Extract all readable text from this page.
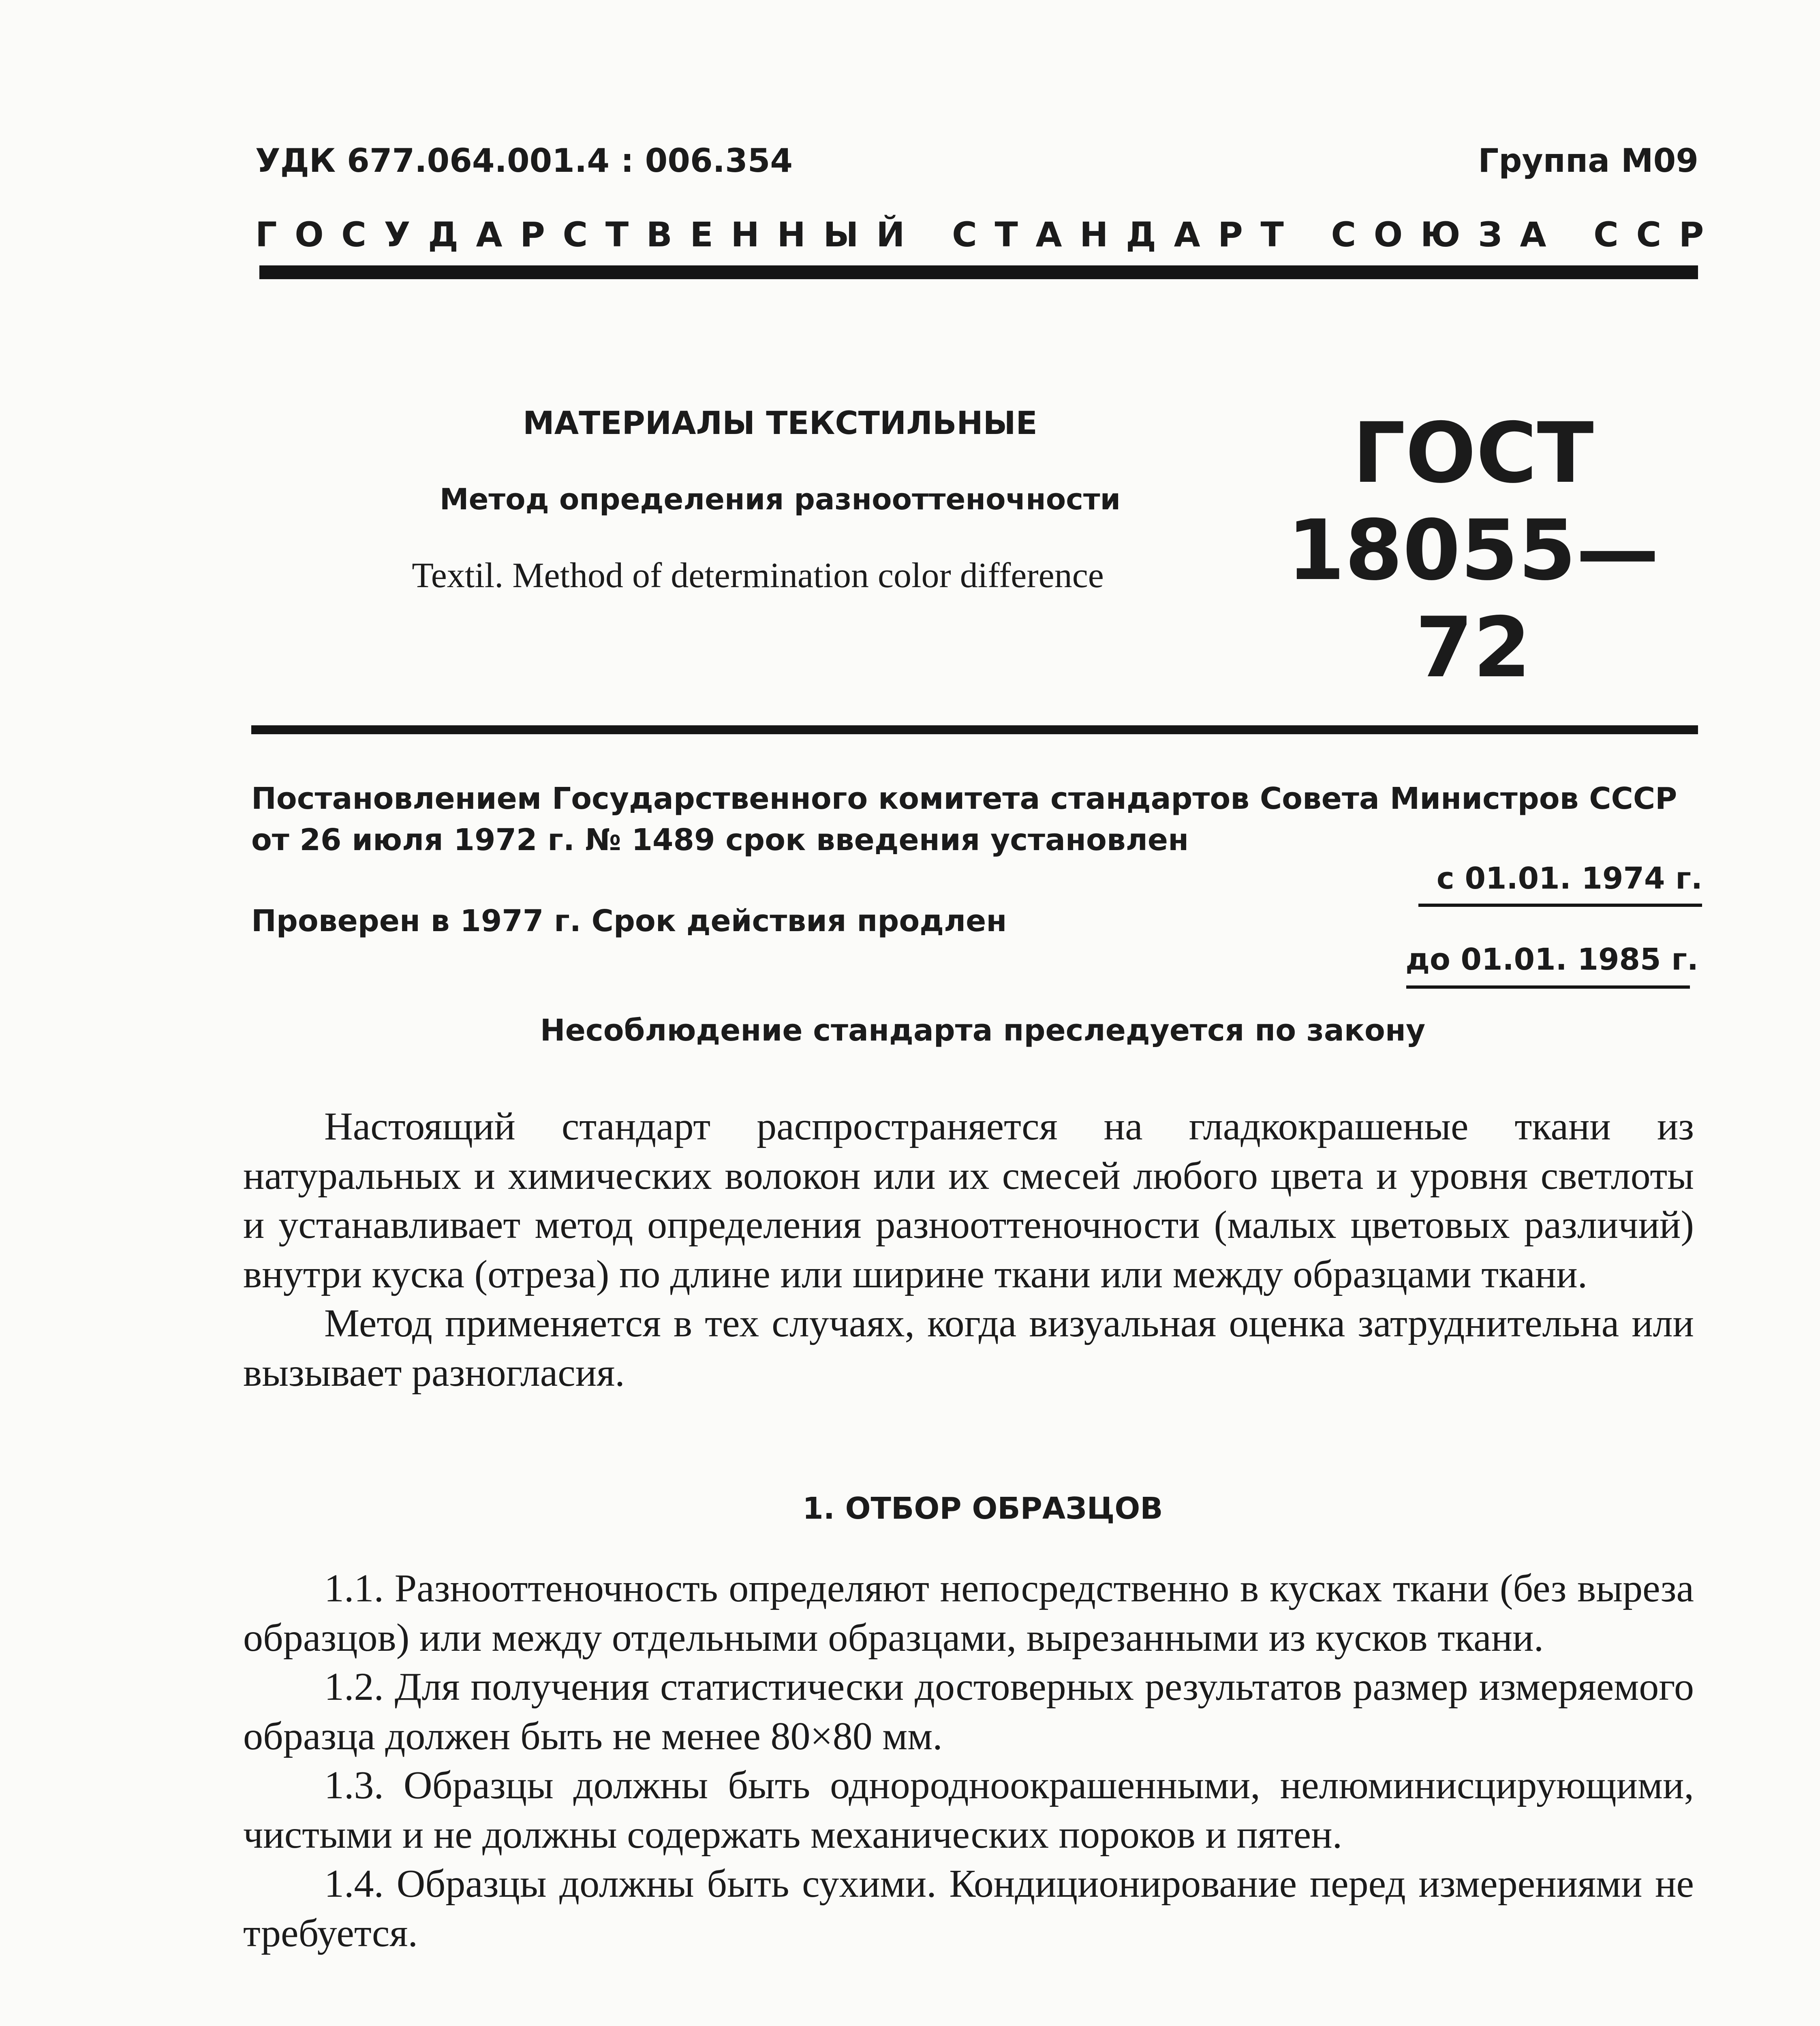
УДК 677.064.001.4 : 006.354	Группа М09
ГОСУДАРСТВЕННЫЙ СТАНДАРТ СОЮЗА ССР
МАТЕРИАЛЫ ТЕКСТИЛЬНЫЕ
Метод определения разнооттеночности
Textil. Method of determination color difference
ГОСТ
18055—72
Постановлением Государственного комитета стандартов Совета Министров СССР от 26 июля 1972 г. № 1489 срок введения установлен
с 01.01. 1974 г.
Проверен в 1977 г. Срок действия продлен
до 01.01. 1985 г.
Несоблюдение стандарта преследуется по закону

Настоящий стандарт распространяется на гладкокрашеные ткани из натуральных и химических волокон или их смесей любого цвета и уровня светлоты и устанавливает метод определения разнооттеночности (малых цветовых различий) внутри куска (отреза) по длине или ширине ткани или между образцами ткани.

Метод применяется в тех случаях, когда визуальная оценка затруднительна или вызывает разногласия.

1. ОТБОР ОБРАЗЦОВ

1.1. Разнооттеночность определяют непосредственно в кусках ткани (без выреза образцов) или между отдельными образцами, вырезанными из кусков ткани.

1.2. Для получения статистически достоверных результатов размер измеряемого образца должен быть не менее 80×80 мм.

1.3. Образцы должны быть однородноокрашенными, нелюминисцирующими, чистыми и не должны содержать механических пороков и пятен.

1.4. Образцы должны быть сухими. Кондиционирование перед измерениями не требуется.
